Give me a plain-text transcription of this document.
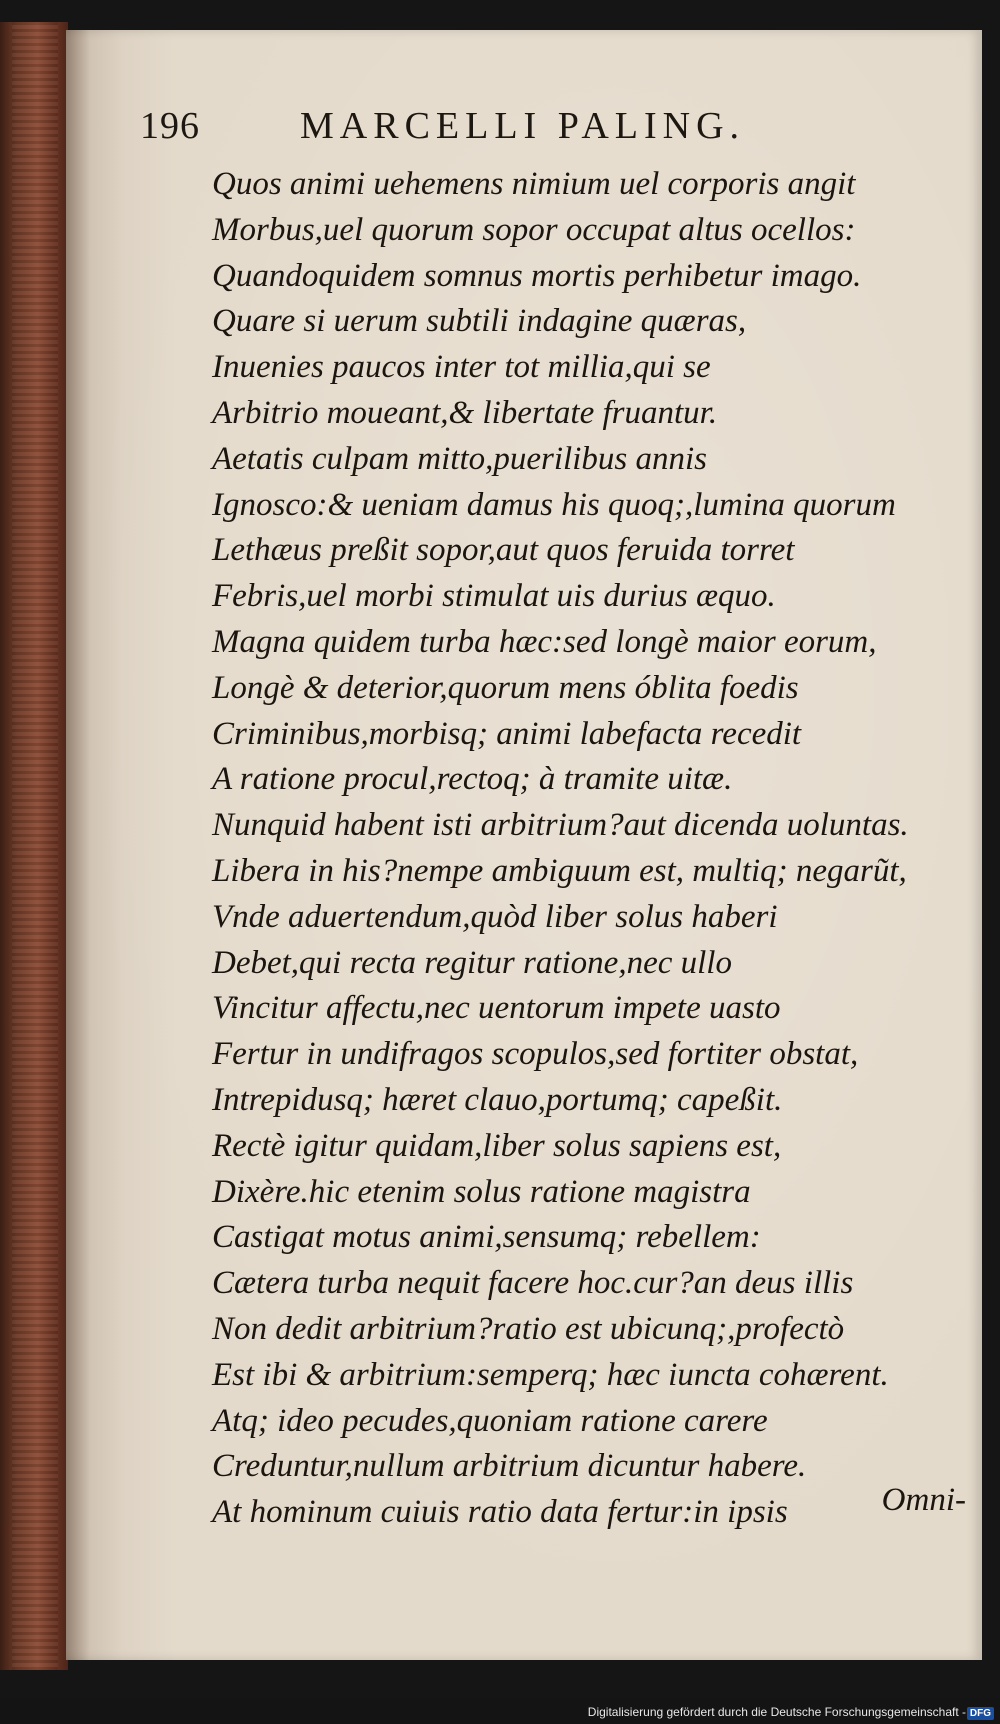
196	MARCELLI PALING.
Quos animi uehemens nimium uel corporis angit
Morbus,uel quorum sopor occupat altus ocellos:
Quandoquidem somnus mortis perhibetur imago.
Quare si uerum subtili indagine quæras,
Inuenies paucos inter tot millia,qui se
Arbitrio moueant,& libertate fruantur.
Aetatis culpam mitto,puerilibus annis
Ignosco:& ueniam damus his quoq;,lumina quorum
Lethæus preßit sopor,aut quos feruida torret
Febris,uel morbi stimulat uis durius æquo.
Magna quidem turba hæc:sed longè maior eorum,
Longè & deterior,quorum mens óblita foedis
Criminibus,morbisq; animi labefacta recedit
A ratione procul,rectoq; à tramite uitæ.
Nunquid habent isti arbitrium?aut dicenda uoluntas.
Libera in his?nempe ambiguum est, multiq; negarũt,
Vnde aduertendum,quòd liber solus haberi
Debet,qui recta regitur ratione,nec ullo
Vincitur affectu,nec uentorum impete uasto
Fertur in undifragos scopulos,sed fortiter obstat,
Intrepidusq; hæret clauo,portumq; capeßit.
Rectè igitur quidam,liber solus sapiens est,
Dixère.hic etenim solus ratione magistra
Castigat motus animi,sensumq; rebellem:
Cætera turba nequit facere hoc.cur?an deus illis
Non dedit arbitrium?ratio est ubicunq;,profectò
Est ibi & arbitrium:semperq; hæc iuncta cohærent.
Atq; ideo pecudes,quoniam ratione carere
Creduntur,nullum arbitrium dicuntur habere.
At hominum cuiuis ratio data fertur:in ipsis	Omni-
Digitalisierung gefördert durch die Deutsche Forschungsgemeinschaft - DFG
